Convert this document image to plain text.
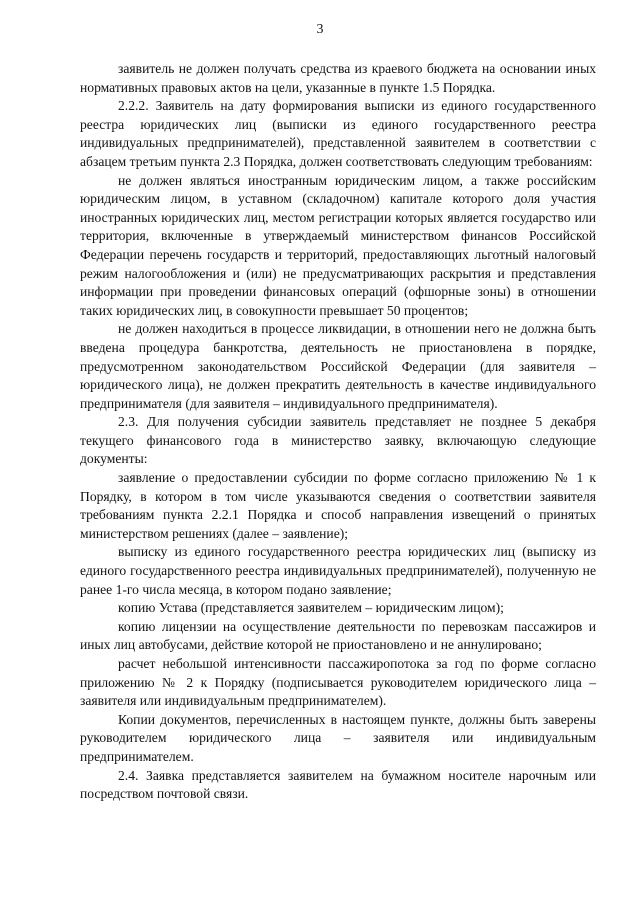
3

заявитель не должен получать средства из краевого бюджета на основании иных нормативных правовых актов на цели, указанные в пункте 1.5 Порядка.

2.2.2. Заявитель на дату формирования выписки из единого государственного реестра юридических лиц (выписки из единого государственного реестра индивидуальных предпринимателей), представленной заявителем в соответствии с абзацем третьим пункта 2.3 Порядка, должен соответствовать следующим требованиям:

не должен являться иностранным юридическим лицом, а также российским юридическим лицом, в уставном (складочном) капитале которого доля участия иностранных юридических лиц, местом регистрации которых является государство или территория, включенные в утверждаемый министерством финансов Российской Федерации перечень государств и территорий, предоставляющих льготный налоговый режим налогообложения и (или) не предусматривающих раскрытия и представления информации при проведении финансовых операций (офшорные зоны) в отношении таких юридических лиц, в совокупности превышает 50 процентов;

не должен находиться в процессе ликвидации, в отношении него не должна быть введена процедура банкротства, деятельность не приостановлена в порядке, предусмотренном законодательством Российской Федерации (для заявителя – юридического лица), не должен прекратить деятельность в качестве индивидуального предпринимателя (для заявителя – индивидуального предпринимателя).

2.3. Для получения субсидии заявитель представляет не позднее 5 декабря текущего финансового года в министерство заявку, включающую следующие документы:

заявление о предоставлении субсидии по форме согласно приложению № 1 к Порядку, в котором в том числе указываются сведения о соответствии заявителя требованиям пункта 2.2.1 Порядка и способ направления извещений о принятых министерством решениях (далее – заявление);

выписку из единого государственного реестра юридических лиц (выписку из единого государственного реестра индивидуальных предпринимателей), полученную не ранее 1-го числа месяца, в котором подано заявление;

копию Устава (представляется заявителем – юридическим лицом);

копию лицензии на осуществление деятельности по перевозкам пассажиров и иных лиц автобусами, действие которой не приостановлено и не аннулировано;

расчет небольшой интенсивности пассажиропотока за год по форме согласно приложению № 2 к Порядку (подписывается руководителем юридического лица – заявителя или индивидуальным предпринимателем).

Копии документов, перечисленных в настоящем пункте, должны быть заверены руководителем юридического лица – заявителя или индивидуальным предпринимателем.

2.4. Заявка представляется заявителем на бумажном носителе нарочным или посредством почтовой связи.
